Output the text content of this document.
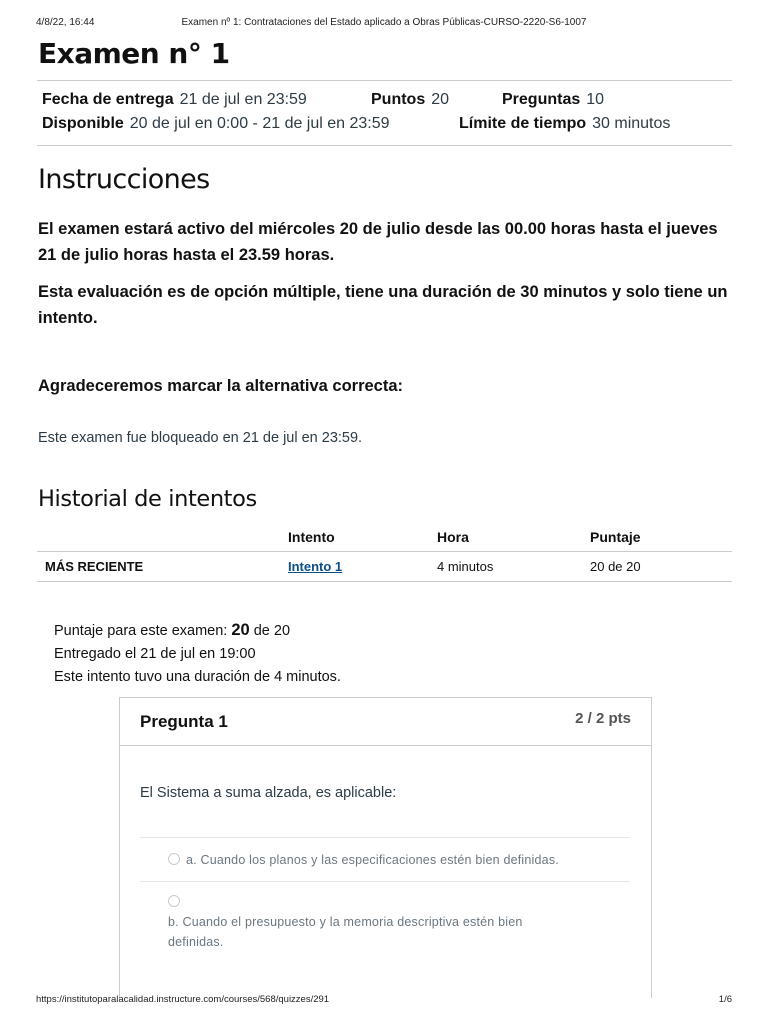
4/8/22, 16:44	Examen nº 1: Contrataciones del Estado aplicado a Obras Públicas-CURSO-2220-S6-1007
Examen n° 1
Fecha de entrega 21 de jul en 23:59	Puntos 20	Preguntas 10
Disponible 20 de jul en 0:00 - 21 de jul en 23:59	Límite de tiempo 30 minutos
Instrucciones

El examen estará activo del miércoles 20 de julio desde las 00.00 horas hasta el jueves 21 de julio horas hasta el 23.59 horas.

Esta evaluación es de opción múltiple, tiene una duración de 30 minutos y solo tiene un intento.

Agradeceremos marcar la alternativa correcta:

Este examen fue bloqueado en 21 de jul en 23:59.
Historial de intentos
	Intento	Hora	Puntaje
MÁS RECIENTE	Intento 1	4 minutos	20 de 20
Puntaje para este examen: 20 de 20
Entregado el 21 de jul en 19:00
Este intento tuvo una duración de 4 minutos.
Pregunta 1	2 / 2 pts
El Sistema a suma alzada, es aplicable:
a. Cuando los planos y las especificaciones estén bien definidas.

b. Cuando el presupuesto y la memoria descriptiva estén bien definidas.
https://institutoparalacalidad.instructure.com/courses/568/quizzes/291	1/6
